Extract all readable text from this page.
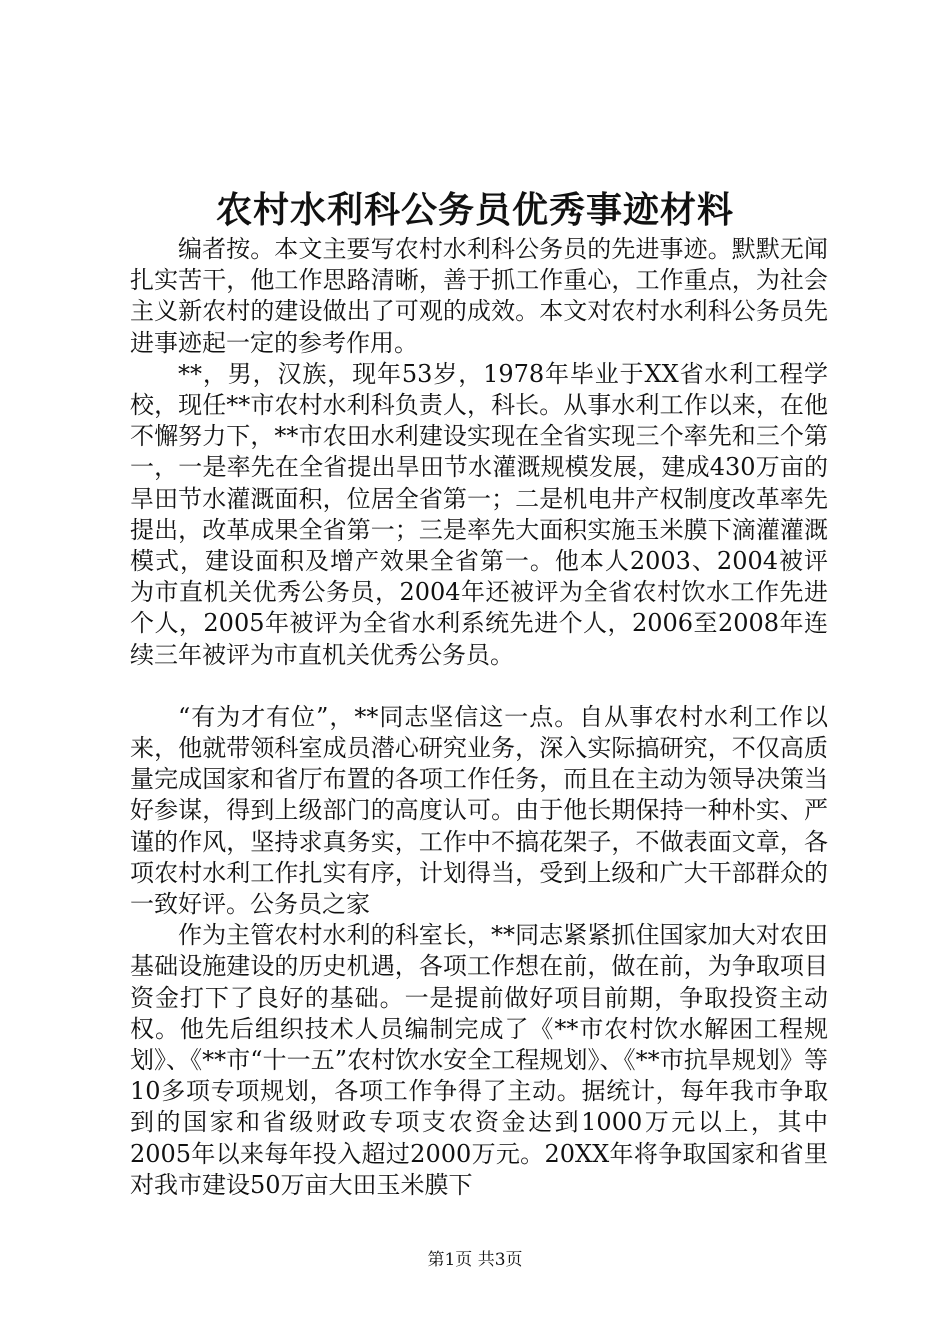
农村水利科公务员优秀事迹材料

编者按。本文主要写农村水利科公务员的先进事迹。默默无闻扎实苦干，他工作思路清晰，善于抓工作重心，工作重点，为社会主义新农村的建设做出了可观的成效。本文对农村水利科公务员先进事迹起一定的参考作用。

**，男，汉族，现年53岁，1978年毕业于XX省水利工程学校，现任**市农村水利科负责人，科长。从事水利工作以来，在他不懈努力下，**市农田水利建设实现在全省实现三个率先和三个第一，一是率先在全省提出旱田节水灌溉规模发展，建成430万亩的旱田节水灌溉面积，位居全省第一；二是机电井产权制度改革率先提出，改革成果全省第一；三是率先大面积实施玉米膜下滴灌灌溉模式，建设面积及增产效果全省第一。他本人2003、2004被评为市直机关优秀公务员，2004年还被评为全省农村饮水工作先进个人，2005年被评为全省水利系统先进个人，2006至2008年连续三年被评为市直机关优秀公务员。

“有为才有位”，**同志坚信这一点。自从事农村水利工作以来，他就带领科室成员潜心研究业务，深入实际搞研究，不仅高质量完成国家和省厅布置的各项工作任务，而且在主动为领导决策当好参谋，得到上级部门的高度认可。由于他长期保持一种朴实、严谨的作风，坚持求真务实，工作中不搞花架子，不做表面文章，各项农村水利工作扎实有序，计划得当，受到上级和广大干部群众的一致好评。公务员之家

作为主管农村水利的科室长，**同志紧紧抓住国家加大对农田基础设施建设的历史机遇，各项工作想在前，做在前，为争取项目资金打下了良好的基础。一是提前做好项目前期，争取投资主动权。他先后组织技术人员编制完成了《**市农村饮水解困工程规划》、《**市“十一五”农村饮水安全工程规划》、《**市抗旱规划》等10多项专项规划，各项工作争得了主动。据统计，每年我市争取到的国家和省级财政专项支农资金达到1000万元以上，其中2005年以来每年投入超过2000万元。20XX年将争取国家和省里对我市建设50万亩大田玉米膜下

第1页 共3页
